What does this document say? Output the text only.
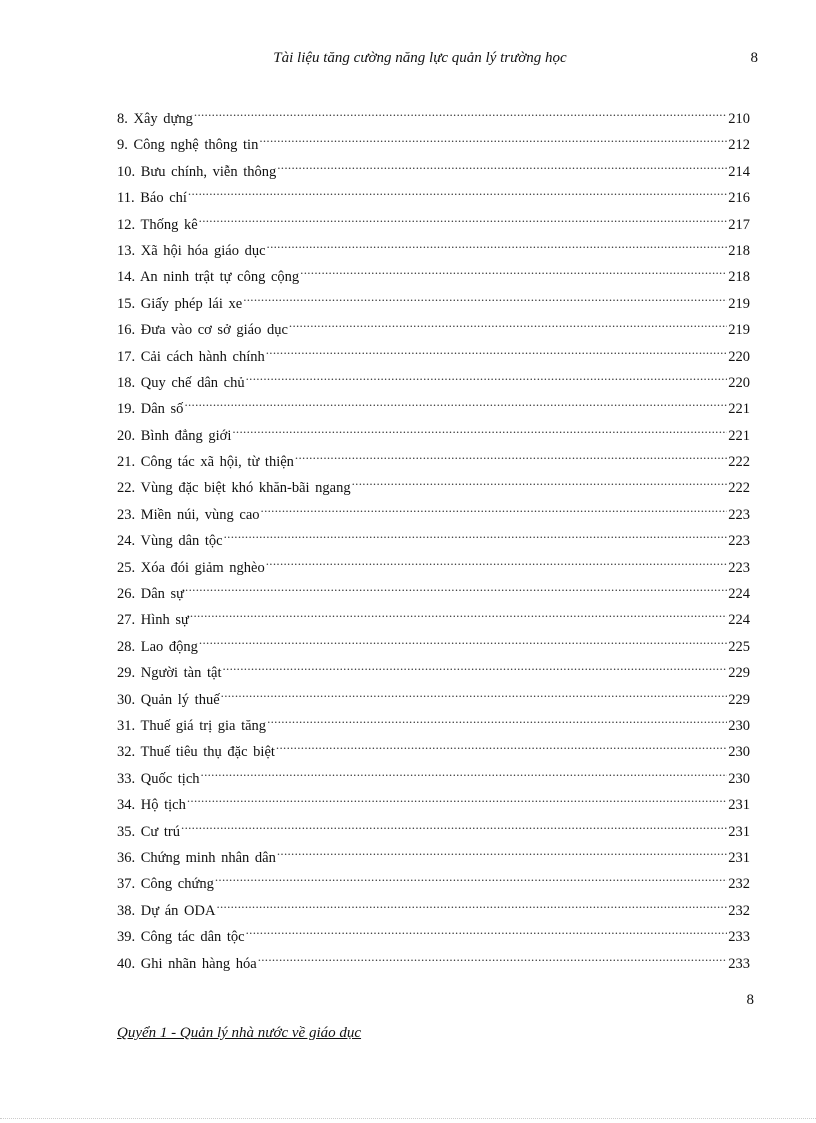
Tài liệu tăng cường năng lực quản lý trường học	8
8. Xây dựng .....	210
9. Công nghệ thông tin .....	212
10. Bưu chính, viễn thông .....	214
11. Báo chí .....	216
12. Thống kê .....	217
13. Xã hội hóa giáo dục .....	218
14. An ninh trật tự công cộng .....	218
15. Giấy phép lái xe .....	219
16. Đưa vào cơ sở giáo dục .....	219
17. Cải cách hành chính .....	220
18. Quy chế dân chủ .....	220
19. Dân số .....	221
20. Bình đẳng giới .....	221
21. Công tác xã hội, từ thiện .....	222
22. Vùng đặc biệt khó khăn-bãi ngang .....	222
23. Miền núi, vùng cao .....	223
24. Vùng dân tộc .....	223
25. Xóa đói giảm nghèo .....	223
26. Dân sự .....	224
27. Hình sự .....	224
28. Lao động .....	225
29. Người tàn tật .....	229
30. Quản lý thuế .....	229
31. Thuế giá trị gia tăng .....	230
32. Thuế tiêu thụ đặc biệt .....	230
33. Quốc tịch .....	230
34. Hộ tịch .....	231
35. Cư trú .....	231
36. Chứng minh nhân dân .....	231
37. Công chứng .....	232
38. Dự án ODA .....	232
39. Công tác dân tộc .....	233
40. Ghi nhãn hàng hóa .....	233
8
Quyển 1 - Quản lý nhà nước về giáo dục
